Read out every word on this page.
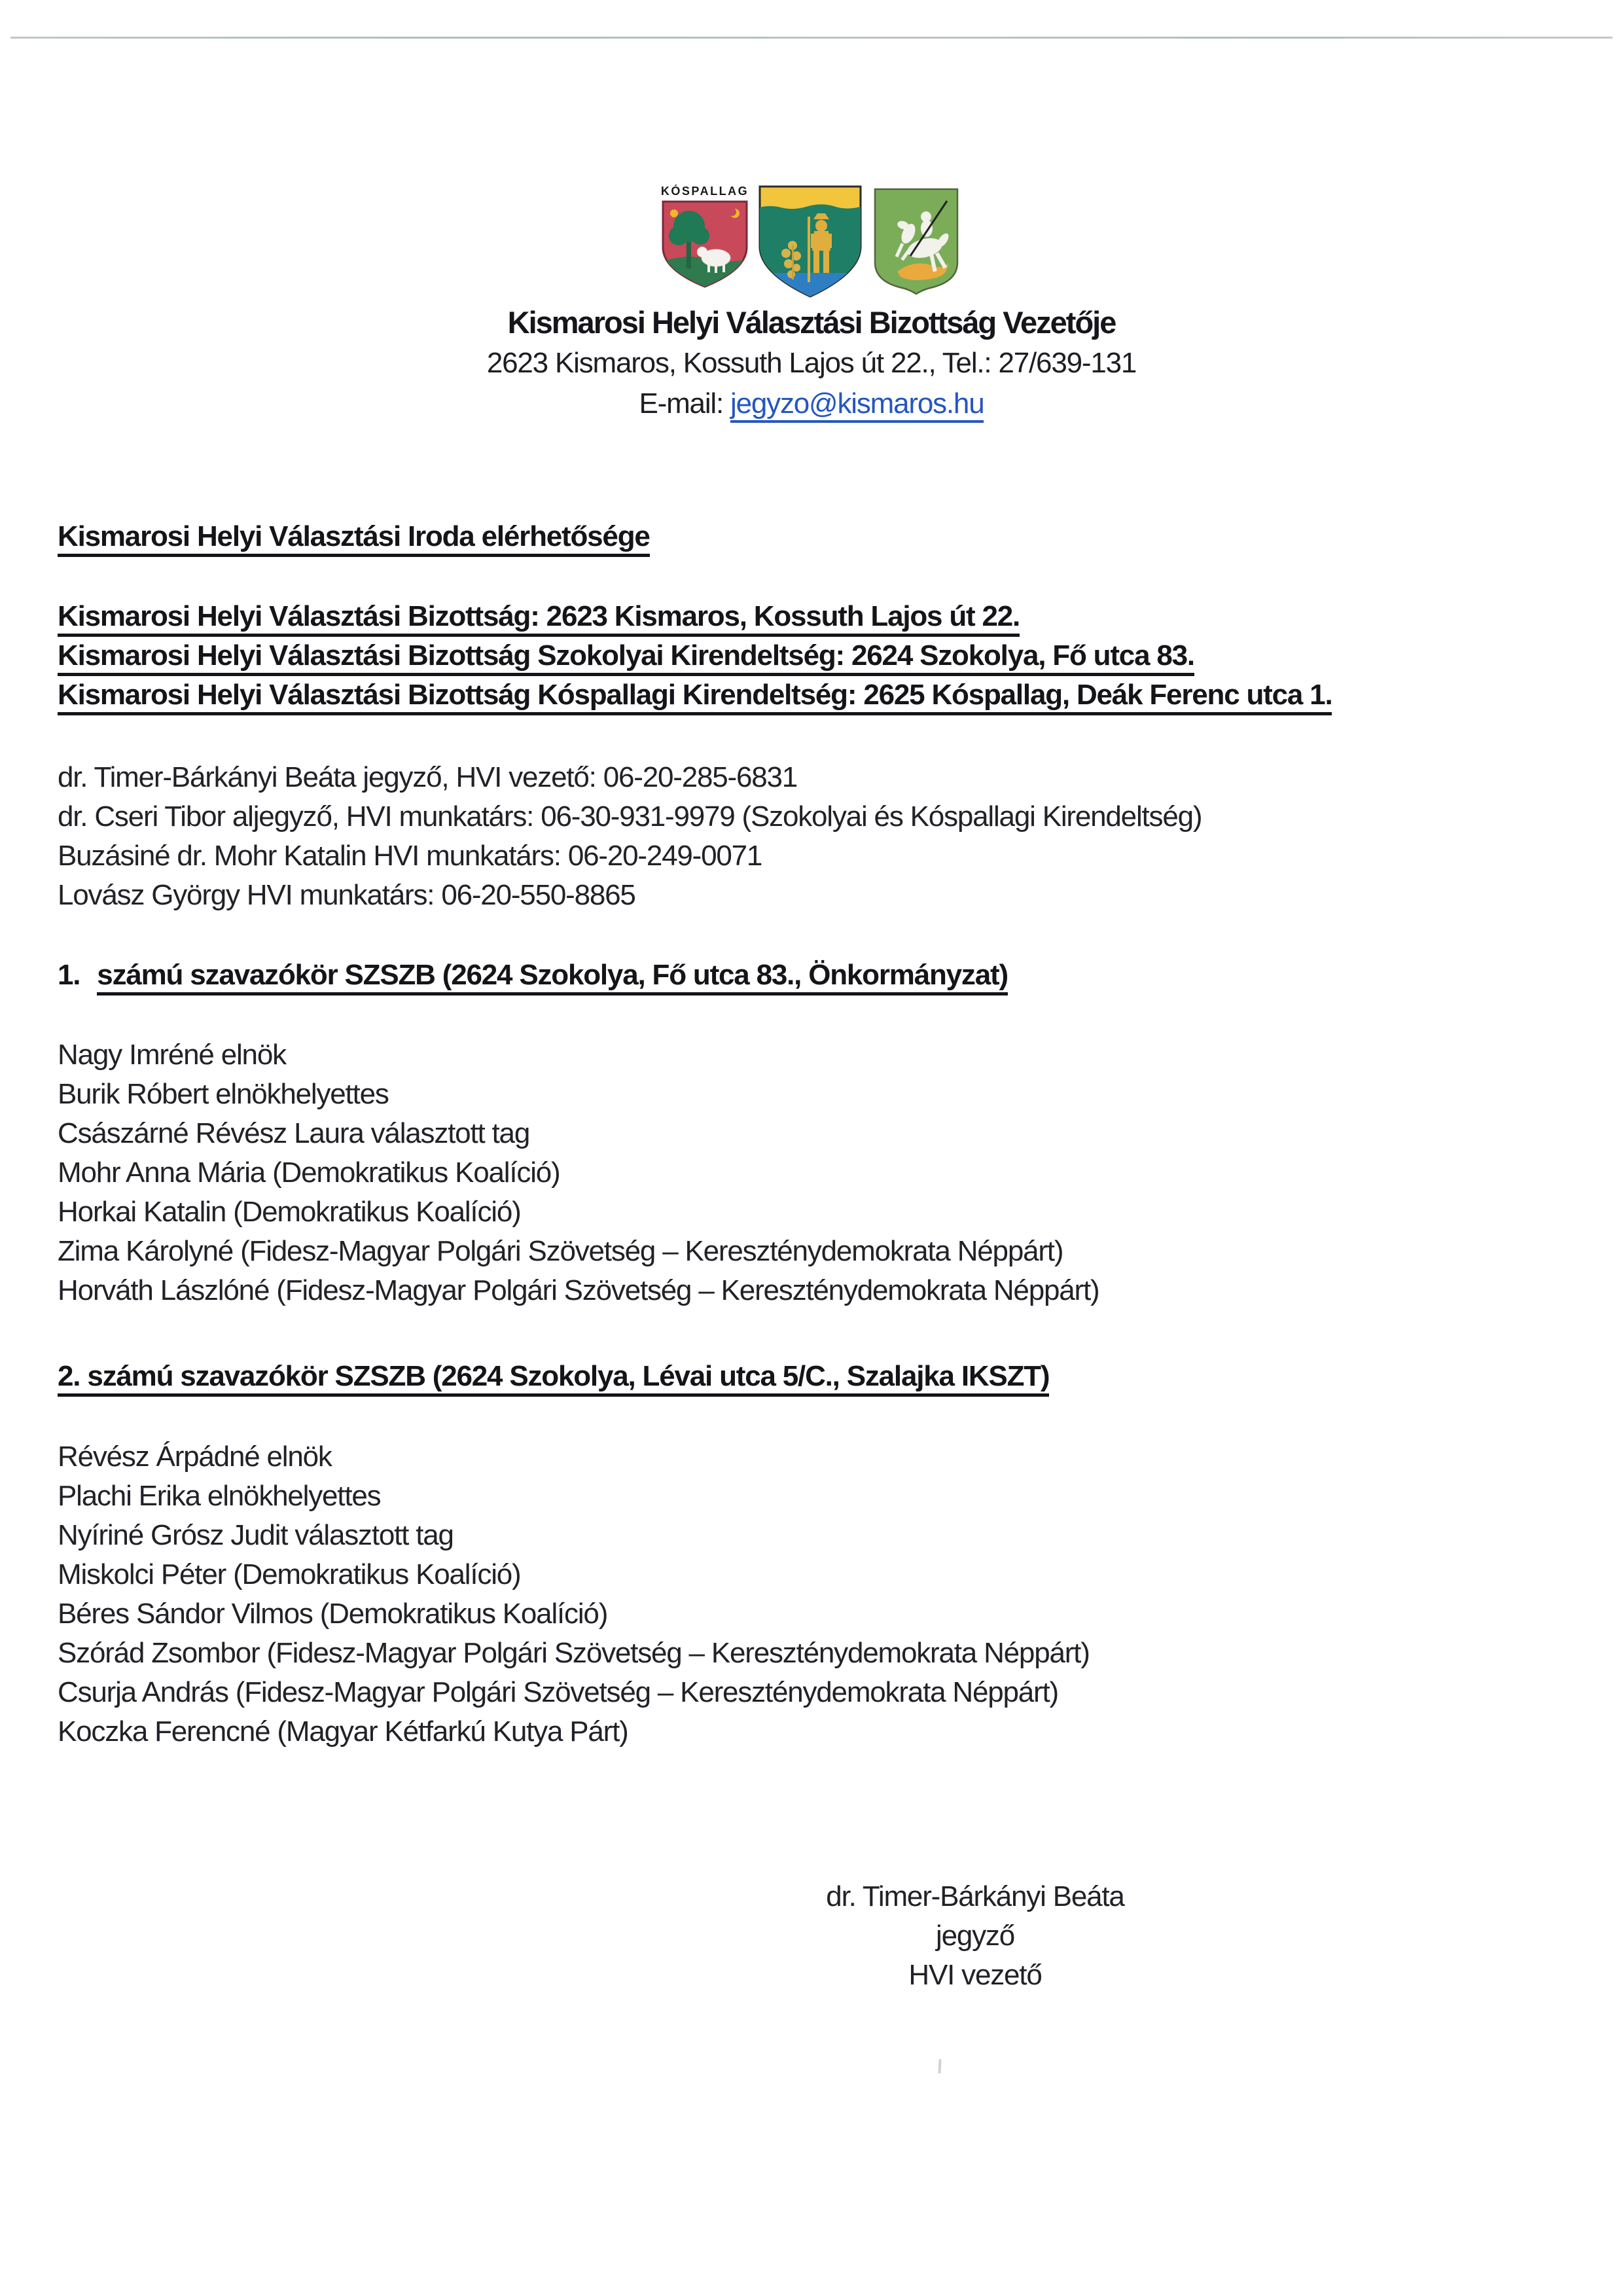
KÓSPALLAG
Kismarosi Helyi Választási Bizottság Vezetője
2623 Kismaros, Kossuth Lajos út 22., Tel.: 27/639-131
E-mail: jegyzo@kismaros.hu
Kismarosi Helyi Választási Iroda elérhetősége
Kismarosi Helyi Választási Bizottság: 2623 Kismaros, Kossuth Lajos út 22.
Kismarosi Helyi Választási Bizottság Szokolyai Kirendeltség: 2624 Szokolya, Fő utca 83.
Kismarosi Helyi Választási Bizottság Kóspallagi Kirendeltség: 2625 Kóspallag, Deák Ferenc utca 1.
dr. Timer-Bárkányi Beáta jegyző, HVI vezető: 06-20-285-6831
dr. Cseri Tibor aljegyző, HVI munkatárs: 06-30-931-9979 (Szokolyai és Kóspallagi Kirendeltség)
Buzásiné dr. Mohr Katalin HVI munkatárs: 06-20-249-0071
Lovász György HVI munkatárs: 06-20-550-8865
1. számú szavazókör SZSZB (2624 Szokolya, Fő utca 83., Önkormányzat)
Nagy Imréné elnök
Burik Róbert elnökhelyettes
Császárné Révész Laura választott tag
Mohr Anna Mária (Demokratikus Koalíció)
Horkai Katalin (Demokratikus Koalíció)
Zima Károlyné (Fidesz-Magyar Polgári Szövetség – Kereszténydemokrata Néppárt)
Horváth Lászlóné (Fidesz-Magyar Polgári Szövetség – Kereszténydemokrata Néppárt)
2. számú szavazókör SZSZB (2624 Szokolya, Lévai utca 5/C., Szalajka IKSZT)
Révész Árpádné elnök
Plachi Erika elnökhelyettes
Nyíriné Grósz Judit választott tag
Miskolci Péter (Demokratikus Koalíció)
Béres Sándor Vilmos (Demokratikus Koalíció)
Szórád Zsombor (Fidesz-Magyar Polgári Szövetség – Kereszténydemokrata Néppárt)
Csurja András (Fidesz-Magyar Polgári Szövetség – Kereszténydemokrata Néppárt)
Koczka Ferencné (Magyar Kétfarkú Kutya Párt)
dr. Timer-Bárkányi Beáta
jegyző
HVI vezető
